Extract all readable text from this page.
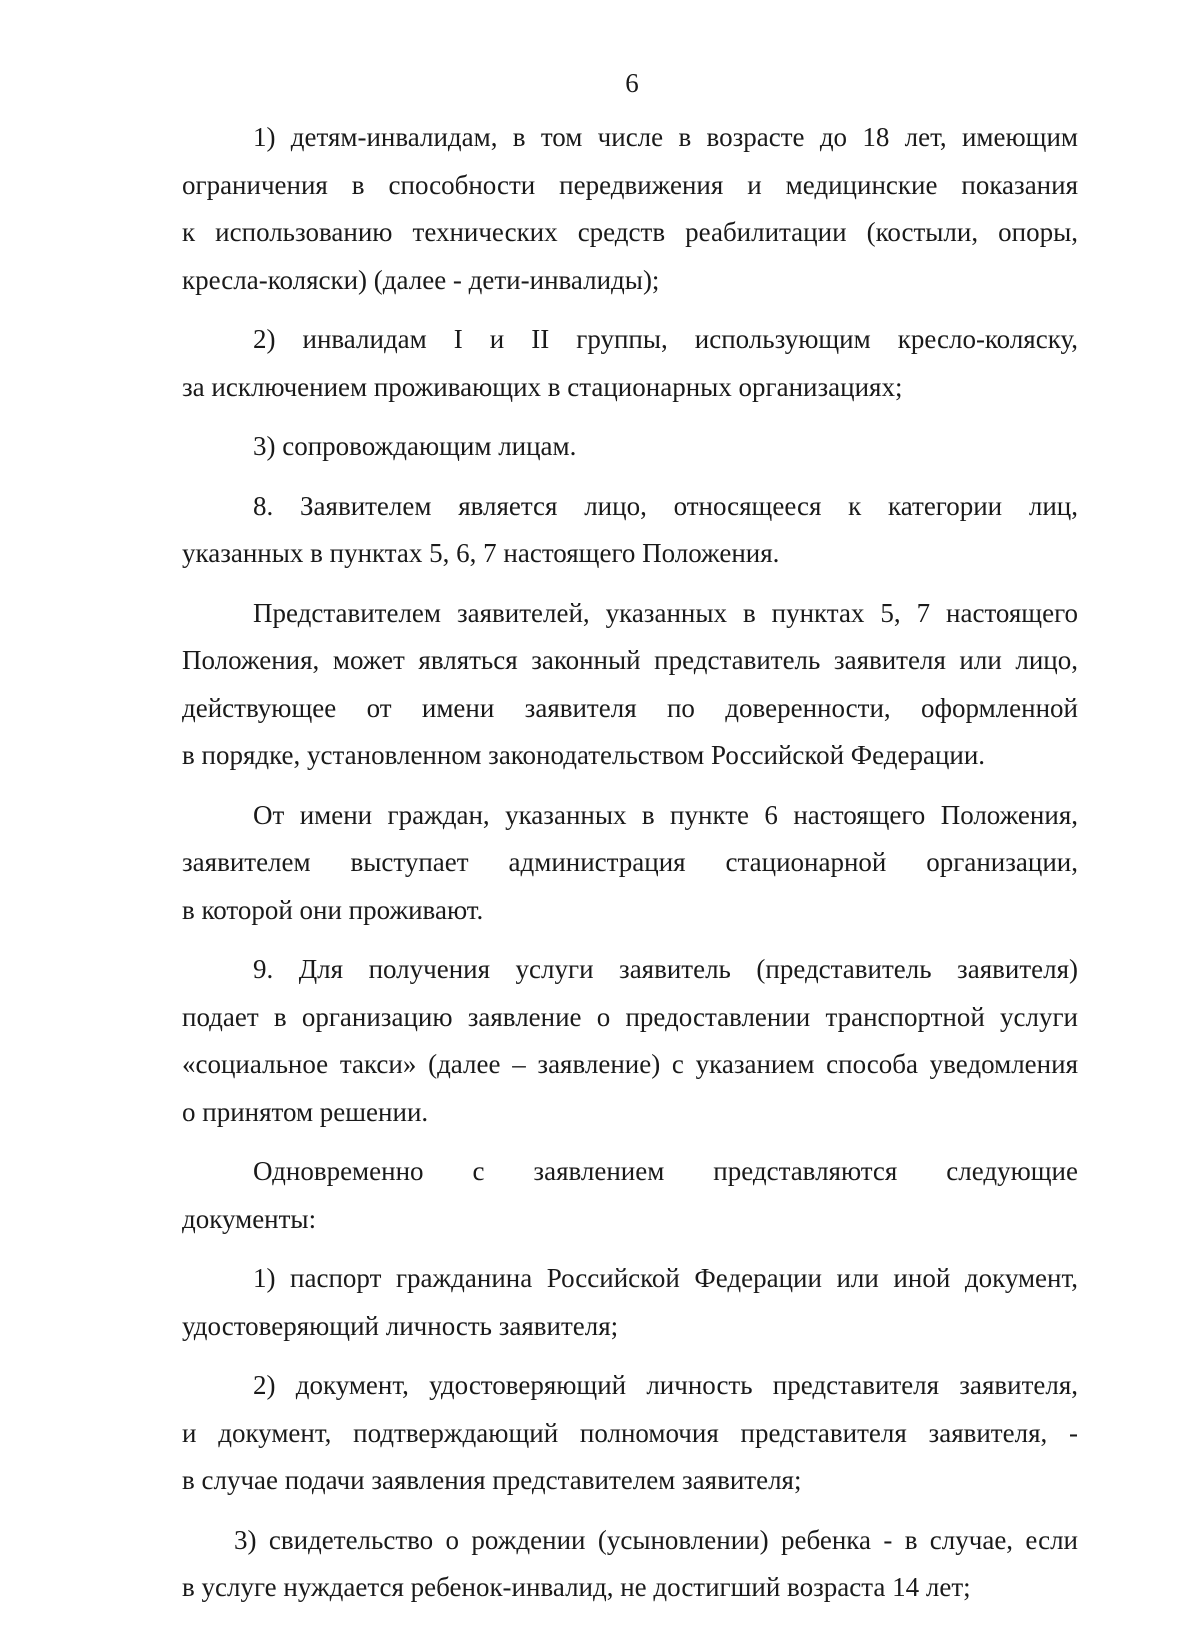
6
1) детям-инвалидам, в том числе в возрасте до 18 лет, имеющим
ограничения в способности передвижения и медицинские показания
к использованию технических средств реабилитации (костыли, опоры,
кресла-коляски) (далее - дети-инвалиды);
2) инвалидам I и II группы, использующим кресло-коляску,
за исключением проживающих в стационарных организациях;
3) сопровождающим лицам.
8. Заявителем является лицо, относящееся к категории лиц,
указанных в пунктах 5, 6, 7 настоящего Положения.
Представителем заявителей, указанных в пунктах 5, 7 настоящего
Положения, может являться законный представитель заявителя или лицо,
действующее от имени заявителя по доверенности, оформленной
в порядке, установленном законодательством Российской Федерации.
От имени граждан, указанных в пункте 6 настоящего Положения,
заявителем выступает администрация стационарной организации,
в которой они проживают.
9. Для получения услуги заявитель (представитель заявителя)
подает в организацию заявление о предоставлении транспортной услуги
«социальное такси» (далее – заявление) с указанием способа уведомления
о принятом решении.
Одновременно с заявлением представляются следующие
документы:
1) паспорт гражданина Российской Федерации или иной документ,
удостоверяющий личность заявителя;
2) документ, удостоверяющий личность представителя заявителя,
и документ, подтверждающий полномочия представителя заявителя, -
в случае подачи заявления представителем заявителя;
3) свидетельство о рождении (усыновлении) ребенка - в случае, если
в услуге нуждается ребенок-инвалид, не достигший возраста 14 лет;
